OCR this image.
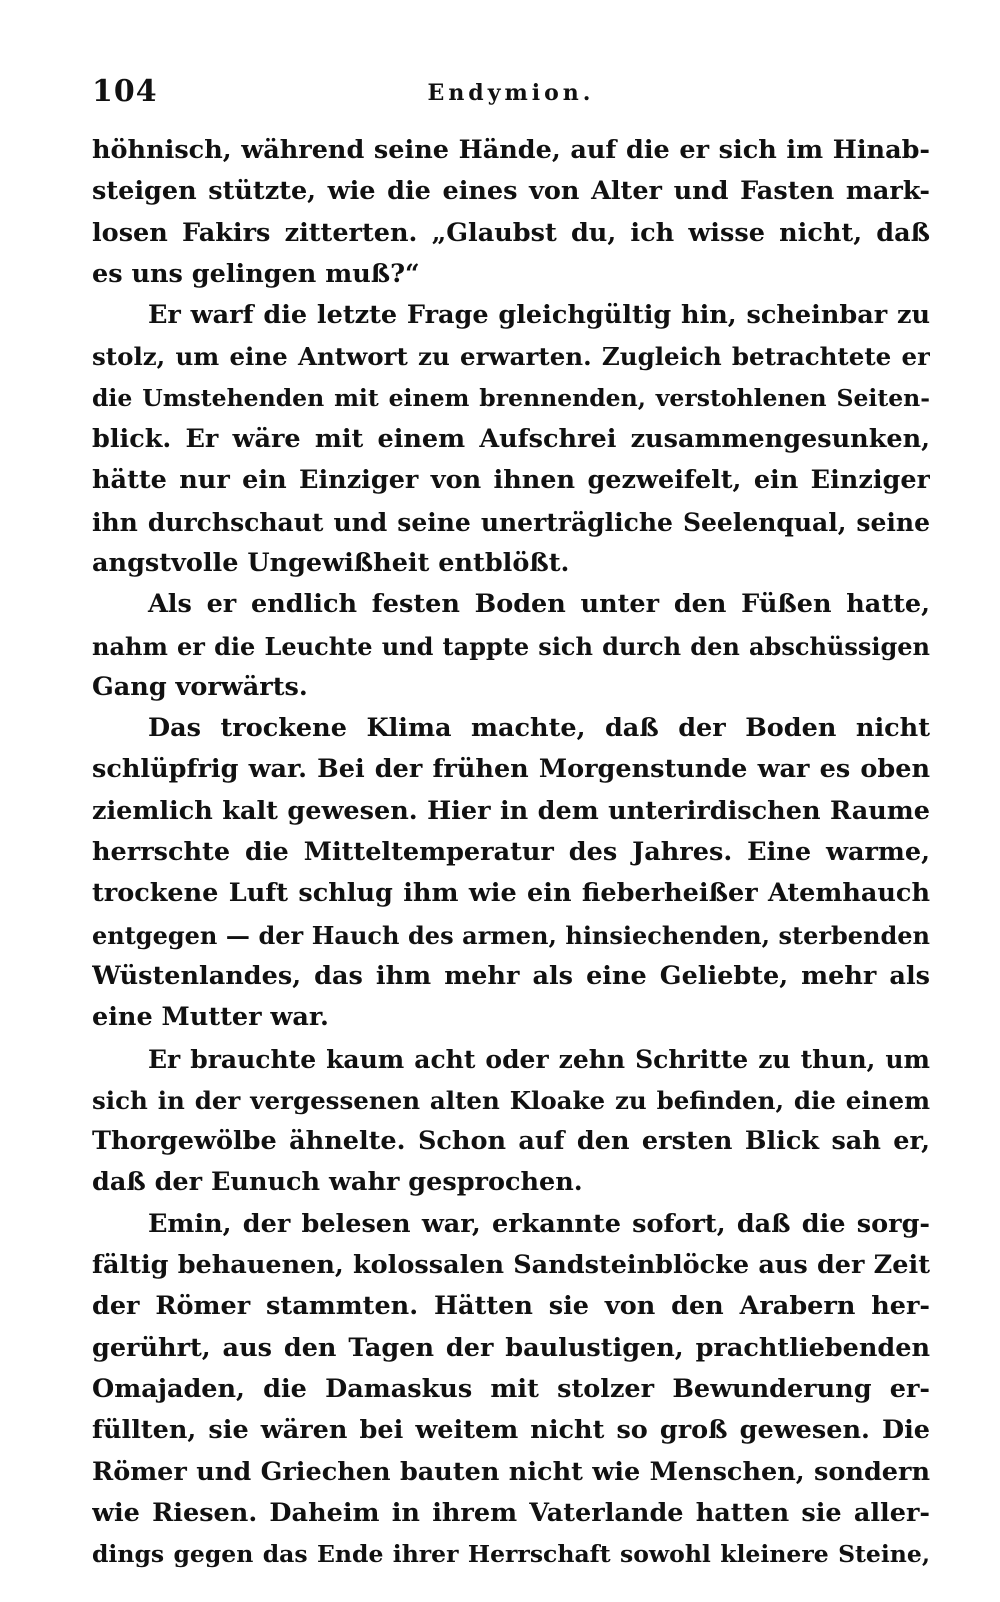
104	Endymion.
höhnisch, während seine Hände, auf die er sich im Hinab-
steigen stützte, wie die eines von Alter und Fasten mark-
losen Fakirs zitterten. „Glaubst du, ich wisse nicht, daß
es uns gelingen muß?“
Er warf die letzte Frage gleichgültig hin, scheinbar zu
stolz, um eine Antwort zu erwarten. Zugleich betrachtete er
die Umstehenden mit einem brennenden, verstohlenen Seiten-
blick. Er wäre mit einem Aufschrei zusammengesunken,
hätte nur ein Einziger von ihnen gezweifelt, ein Einziger
ihn durchschaut und seine unerträgliche Seelenqual, seine
angstvolle Ungewißheit entblößt.
Als er endlich festen Boden unter den Füßen hatte,
nahm er die Leuchte und tappte sich durch den abschüssigen
Gang vorwärts.
Das trockene Klima machte, daß der Boden nicht
schlüpfrig war. Bei der frühen Morgenstunde war es oben
ziemlich kalt gewesen. Hier in dem unterirdischen Raume
herrschte die Mitteltemperatur des Jahres. Eine warme,
trockene Luft schlug ihm wie ein fieberheißer Atemhauch
entgegen — der Hauch des armen, hinsiechenden, sterbenden
Wüstenlandes, das ihm mehr als eine Geliebte, mehr als
eine Mutter war.
Er brauchte kaum acht oder zehn Schritte zu thun, um
sich in der vergessenen alten Kloake zu befinden, die einem
Thorgewölbe ähnelte. Schon auf den ersten Blick sah er,
daß der Eunuch wahr gesprochen.
Emin, der belesen war, erkannte sofort, daß die sorg-
fältig behauenen, kolossalen Sandsteinblöcke aus der Zeit
der Römer stammten. Hätten sie von den Arabern her-
gerührt, aus den Tagen der baulustigen, prachtliebenden
Omajaden, die Damaskus mit stolzer Bewunderung er-
füllten, sie wären bei weitem nicht so groß gewesen. Die
Römer und Griechen bauten nicht wie Menschen, sondern
wie Riesen. Daheim in ihrem Vaterlande hatten sie aller-
dings gegen das Ende ihrer Herrschaft sowohl kleinere Steine,
